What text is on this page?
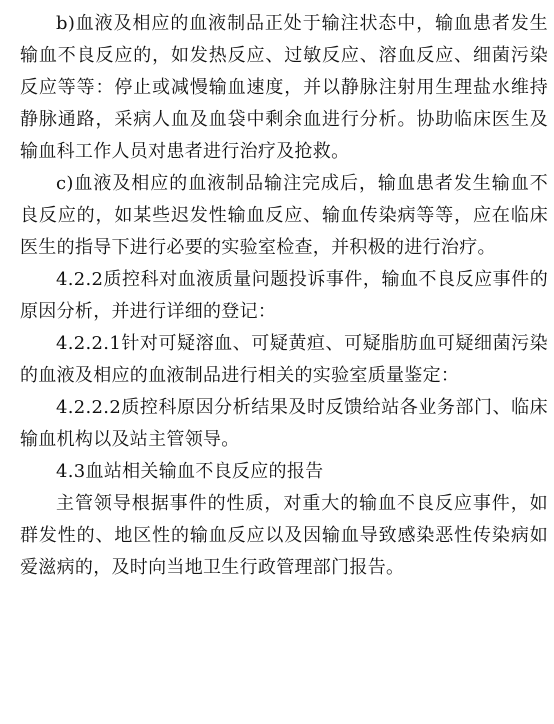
b)血液及相应的血液制品正处于输注状态中，输血患者发生输血不良反应的，如发热反应、过敏反应、溶血反应、细菌污染反应等等：停止或减慢输血速度，并以静脉注射用生理盐水维持静脉通路，采病人血及血袋中剩余血进行分析。协助临床医生及输血科工作人员对患者进行治疗及抢救。

c)血液及相应的血液制品输注完成后，输血患者发生输血不良反应的，如某些迟发性输血反应、输血传染病等等，应在临床医生的指导下进行必要的实验室检查，并积极的进行治疗。

4.2.2质控科对血液质量问题投诉事件，输血不良反应事件的原因分析，并进行详细的登记：

4.2.2.1针对可疑溶血、可疑黄疸、可疑脂肪血可疑细菌污染的血液及相应的血液制品进行相关的实验室质量鉴定：

4.2.2.2质控科原因分析结果及时反馈给站各业务部门、临床输血机构以及站主管领导。

4.3血站相关输血不良反应的报告

主管领导根据事件的性质，对重大的输血不良反应事件，如群发性的、地区性的输血反应以及因输血导致感染恶性传染病如爱滋病的，及时向当地卫生行政管理部门报告。
